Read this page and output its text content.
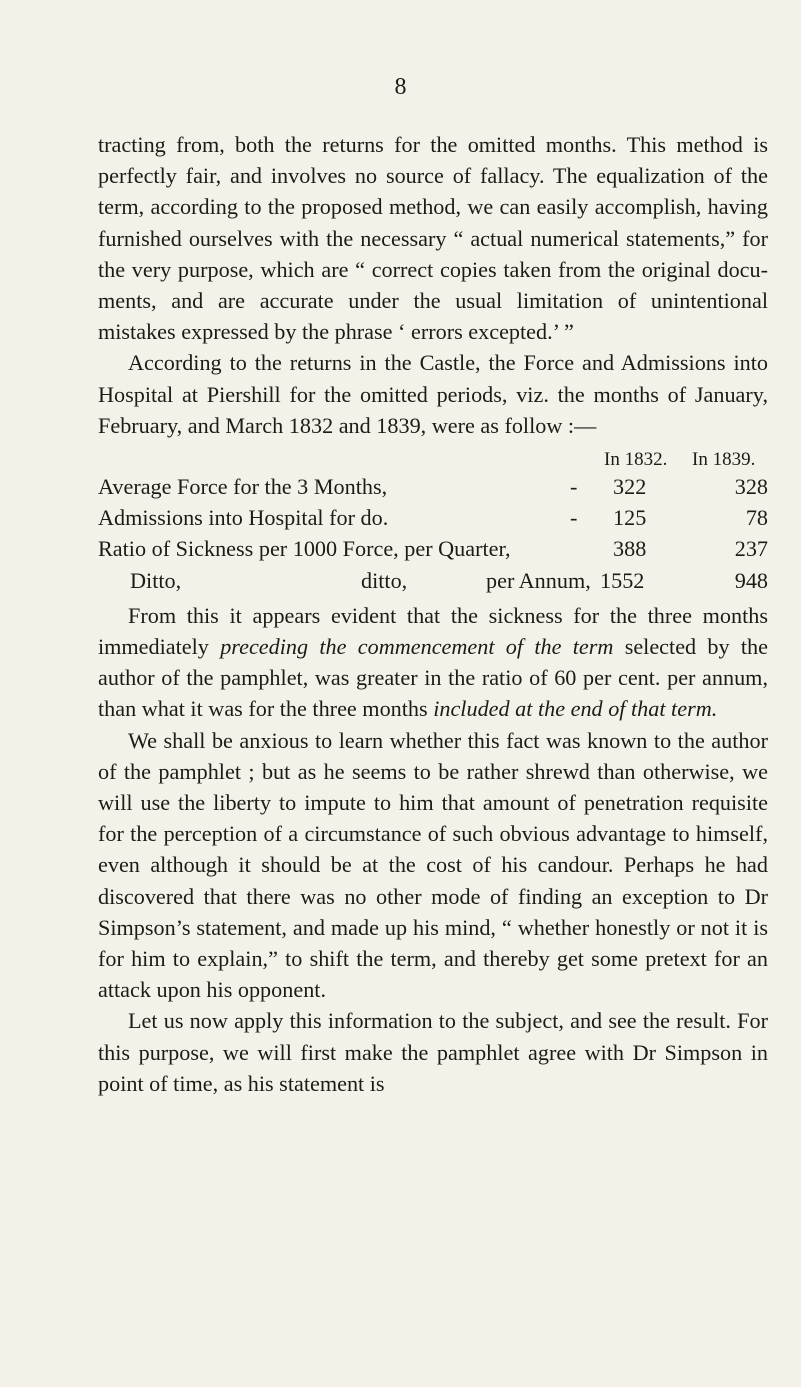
8

tracting from, both the returns for the omitted months. This method is perfectly fair, and involves no source of fallacy. The equalization of the term, according to the proposed method, we can easily accomplish, having furnished ourselves with the necessary “ actual numerical statements,” for the very purpose, which are “ correct copies taken from the original documents, and are accurate under the usual limitation of unintentional mistakes expressed by the phrase ‘ errors excepted.’ ”

According to the returns in the Castle, the Force and Admissions into Hospital at Piershill for the omitted periods, viz. the months of January, February, and March 1832 and 1839, were as follow :—

In 1832. In 1839.
Average Force for the 3 Months,	- 322	328
Admissions into Hospital for do.	- 125	78
Ratio of Sickness per 1000 Force, per Quarter,	388	237
Ditto,	ditto,	per Annum, 1552	948

From this it appears evident that the sickness for the three months immediately preceding the commencement of the term selected by the author of the pamphlet, was greater in the ratio of 60 per cent. per annum, than what it was for the three months included at the end of that term.

We shall be anxious to learn whether this fact was known to the author of the pamphlet ; but as he seems to be rather shrewd than otherwise, we will use the liberty to impute to him that amount of penetration requisite for the perception of a circumstance of such obvious advantage to himself, even although it should be at the cost of his candour. Perhaps he had discovered that there was no other mode of finding an exception to Dr Simpson’s statement, and made up his mind, “ whether honestly or not it is for him to explain,” to shift the term, and thereby get some pretext for an attack upon his opponent.

Let us now apply this information to the subject, and see the result. For this purpose, we will first make the pamphlet agree with Dr Simpson in point of time, as his statement is
